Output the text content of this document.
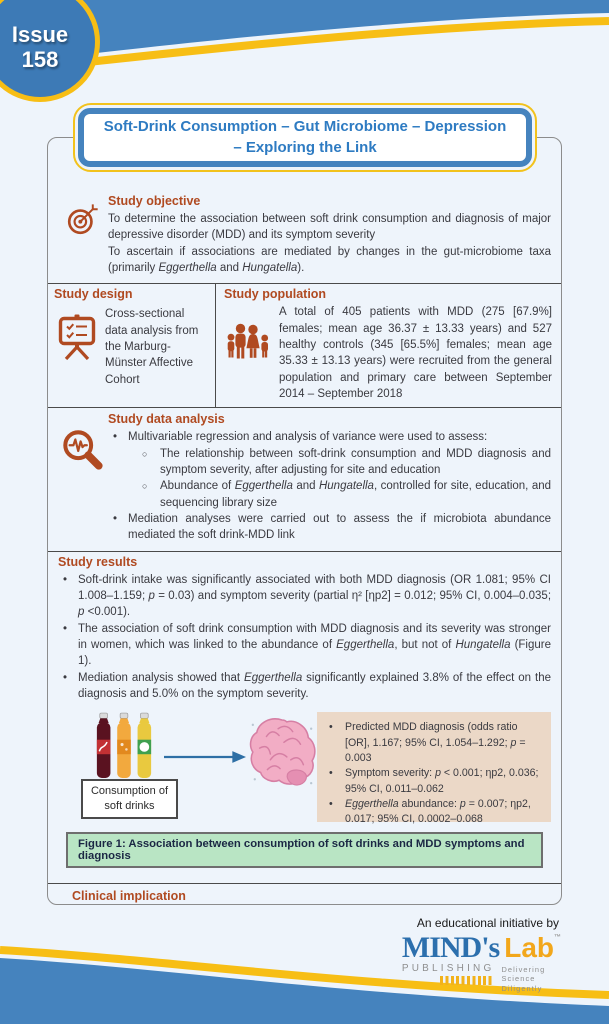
Issue
158
Soft-Drink Consumption – Gut Microbiome – Depression
– Exploring the Link
Study objective

To determine the association between soft drink consumption and diagnosis of major depressive disorder (MDD) and its symptom severity

To ascertain if associations are mediated by changes in the gut-microbiome taxa (primarily Eggerthella and Hungatella).

Study design

Cross-sectional data analysis from the Marburg-Münster Affective Cohort

Study population

A total of 405 patients with MDD (275 [67.9%] females; mean age 36.37 ± 13.33 years) and 527 healthy controls (345 [65.5%] females; mean age 35.33 ± 13.13 years) were recruited from the general population and primary care between September 2014 – September 2018

Study data analysis
• Multivariable regression and analysis of variance were used to assess:
○ The relationship between soft-drink consumption and MDD diagnosis and symptom severity, after adjusting for site and education
○ Abundance of Eggerthella and Hungatella, controlled for site, education, and sequencing library size
• Mediation analyses were carried out to assess the if microbiota abundance mediated the soft drink-MDD link
Study results
• Soft-drink intake was significantly associated with both MDD diagnosis (OR 1.081; 95% CI 1.008–1.159; p = 0.03) and symptom severity (partial η² [ηp2] = 0.012; 95% CI, 0.004–0.035; p <0.001).
• The association of soft drink consumption with MDD diagnosis and its severity was stronger in women, which was linked to the abundance of Eggerthella, but not of Hungatella (Figure 1).
• Mediation analysis showed that Eggerthella significantly explained 3.8% of the effect on the diagnosis and 5.0% on the symptom severity.
Consumption of
soft drinks
• Predicted MDD diagnosis (odds ratio [OR], 1.167; 95% CI, 1.054–1.292; p = 0.003
• Symptom severity: p < 0.001; ηp2, 0.036; 95% CI, 0.011–0.062
• Eggerthella abundance: p = 0.007; ηp2, 0.017; 95% CI, 0.0002–0.068
Figure 1: Association between consumption of soft drinks and MDD symptoms and diagnosis
Clinical implication

An educational initiative by
MIND's Lab™
PUBLISHING Delivering
Science
Diligently
